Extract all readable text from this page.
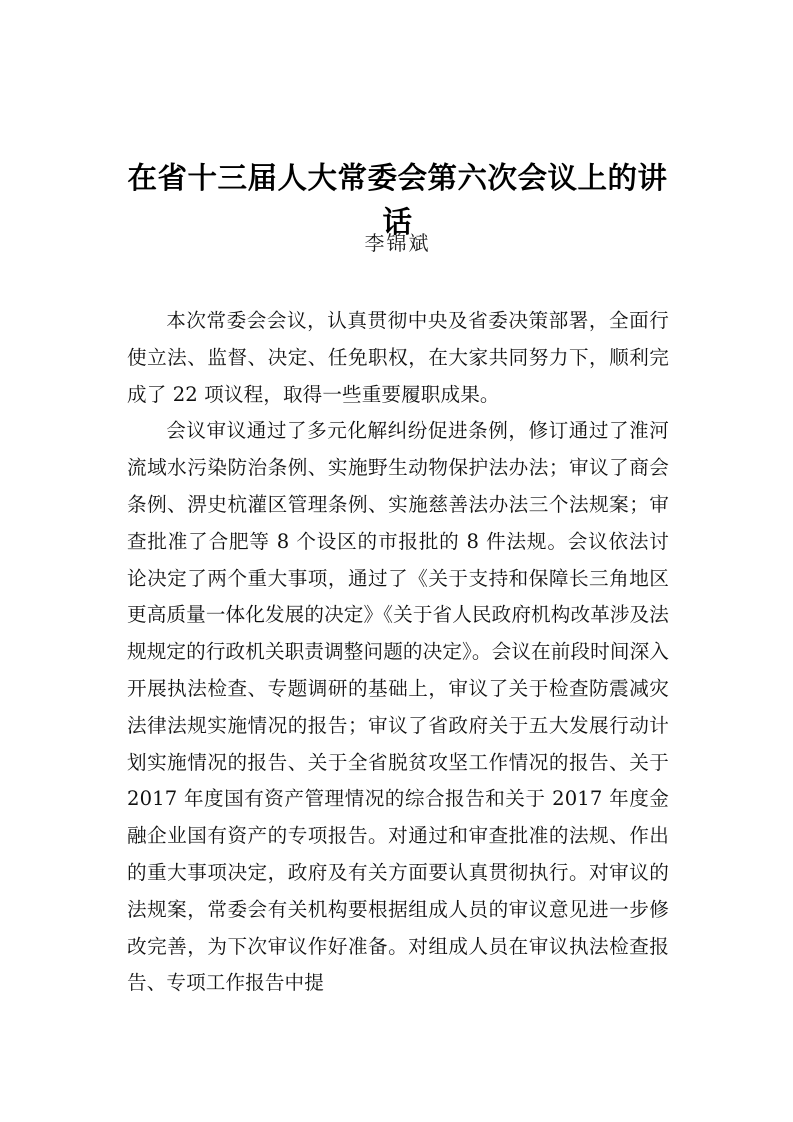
在省十三届人大常委会第六次会议上的讲话
李锦斌

本次常委会会议，认真贯彻中央及省委决策部署，全面行使立法、监督、决定、任免职权，在大家共同努力下，顺利完成了 22 项议程，取得一些重要履职成果。

会议审议通过了多元化解纠纷促进条例，修订通过了淮河流域水污染防治条例、实施野生动物保护法办法；审议了商会条例、淠史杭灌区管理条例、实施慈善法办法三个法规案；审查批准了合肥等 8 个设区的市报批的 8 件法规。会议依法讨论决定了两个重大事项，通过了《关于支持和保障长三角地区更高质量一体化发展的决定》《关于省人民政府机构改革涉及法规规定的行政机关职责调整问题的决定》。会议在前段时间深入开展执法检查、专题调研的基础上，审议了关于检查防震减灾法律法规实施情况的报告；审议了省政府关于五大发展行动计划实施情况的报告、关于全省脱贫攻坚工作情况的报告、关于 2017 年度国有资产管理情况的综合报告和关于 2017 年度金融企业国有资产的专项报告。对通过和审查批准的法规、作出的重大事项决定，政府及有关方面要认真贯彻执行。对审议的法规案，常委会有关机构要根据组成人员的审议意见进一步修改完善，为下次审议作好准备。对组成人员在审议执法检查报告、专项工作报告中提
